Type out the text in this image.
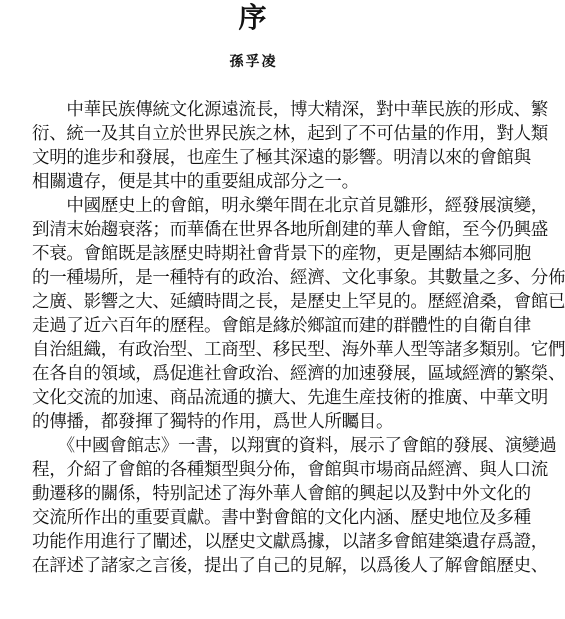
序
孫孚凌
　　中華民族傳統文化源遠流長，博大精深，對中華民族的形成、繁
衍、統一及其自立於世界民族之林，起到了不可估量的作用，對人類
文明的進步和發展，也産生了極其深遠的影響。明清以來的會館與
相關遺存，便是其中的重要組成部分之一。
　　中國歷史上的會館，明永樂年間在北京首見雛形，經發展演變，
到清末始趨衰落；而華僑在世界各地所創建的華人會館，至今仍興盛
不衰。會館既是該歷史時期社會背景下的産物，更是團結本鄉同胞
的一種場所，是一種特有的政治、經濟、文化事象。其數量之多、分佈
之廣、影響之大、延續時間之長，是歷史上罕見的。歷經滄桑，會館已
走過了近六百年的歷程。會館是緣於鄉誼而建的群體性的自衛自律
自治組織，有政治型、工商型、移民型、海外華人型等諸多類别。它們
在各自的領域，爲促進社會政治、經濟的加速發展，區域經濟的繁榮、
文化交流的加速、商品流通的擴大、先進生産技術的推廣、中華文明
的傳播，都發揮了獨特的作用，爲世人所矚目。
　　《中國會館志》一書，以翔實的資料，展示了會館的發展、演變過
程，介紹了會館的各種類型與分佈，會館與市場商品經濟、與人口流
動遷移的關係，特别記述了海外華人會館的興起以及對中外文化的
交流所作出的重要貢獻。書中對會館的文化内涵、歷史地位及多種
功能作用進行了闡述，以歷史文獻爲據，以諸多會館建築遺存爲證，
在評述了諸家之言後，提出了自己的見解，以爲後人了解會館歷史、
